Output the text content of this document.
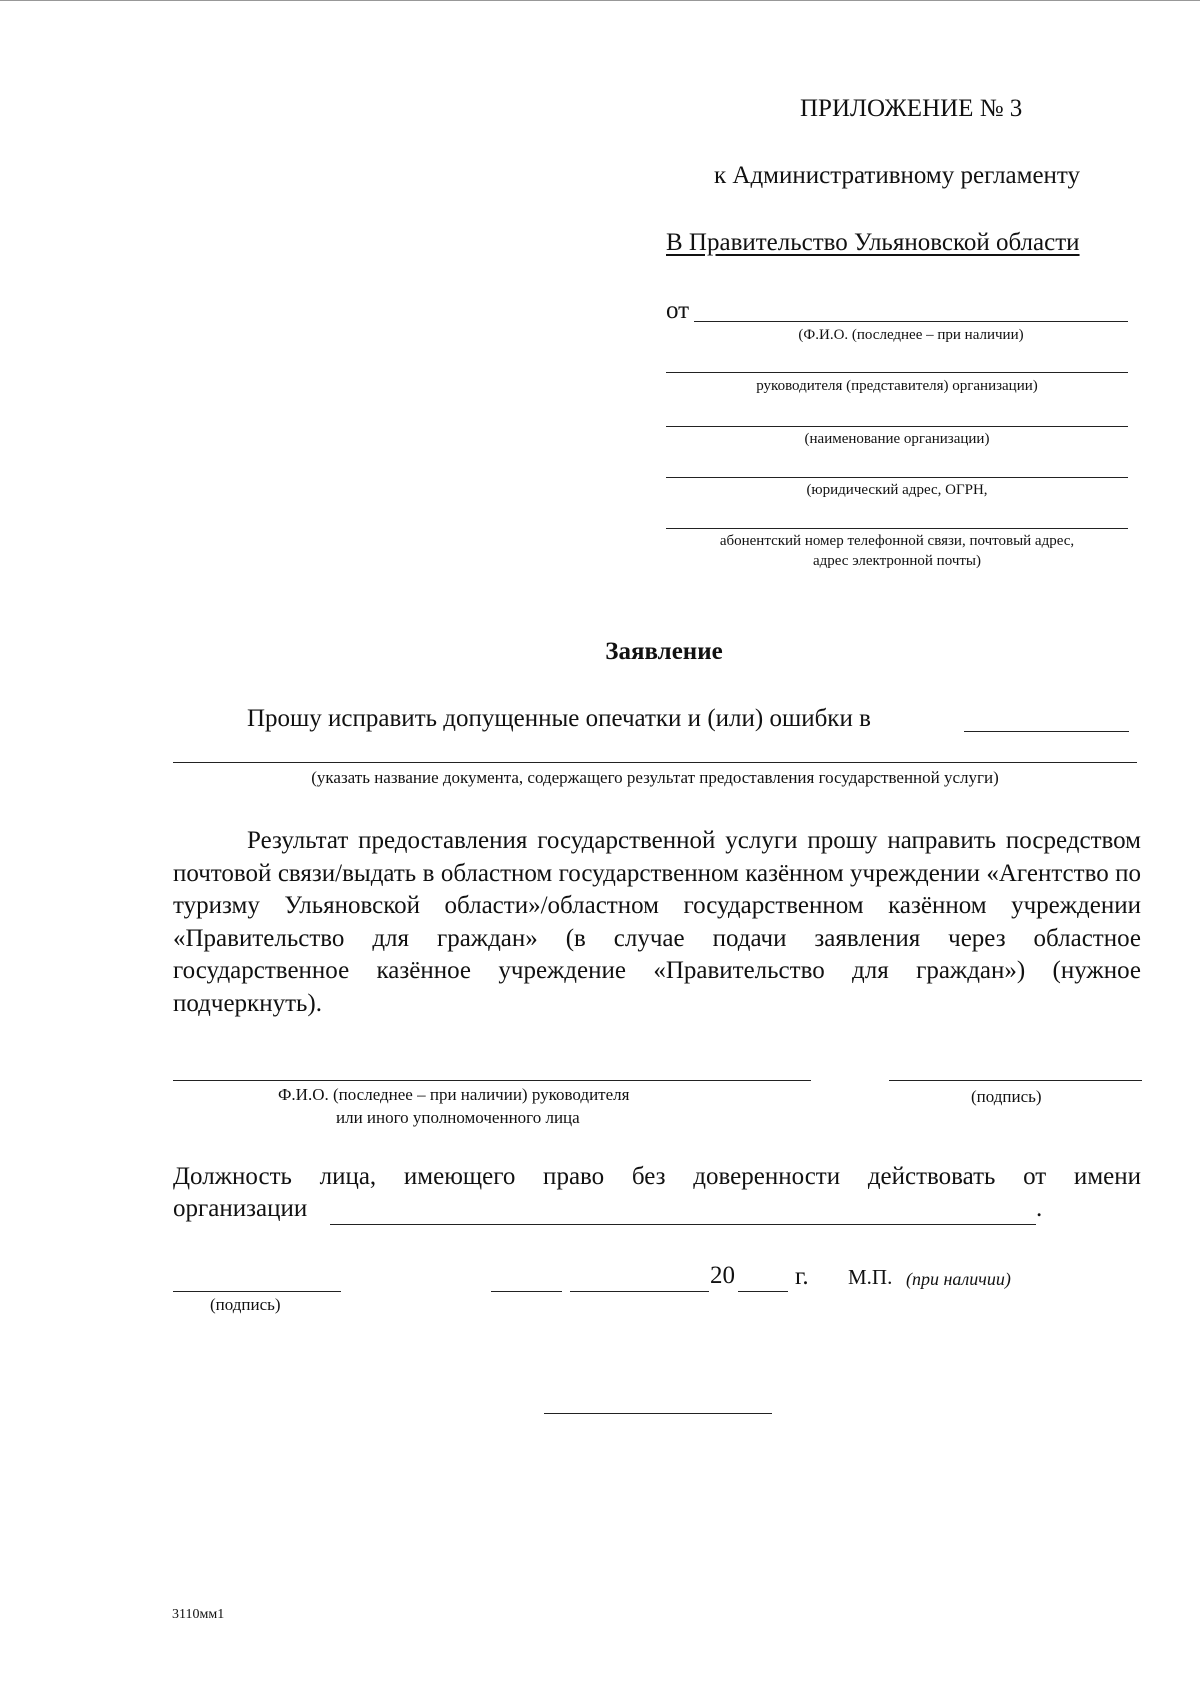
ПРИЛОЖЕНИЕ № 3
к Административному регламенту
В Правительство Ульяновской области
от
(Ф.И.О. (последнее – при наличии)
руководителя (представителя) организации)
(наименование организации)
(юридический адрес, ОГРН,
абонентский номер телефонной связи, почтовый адрес,
адрес электронной почты)
Заявление
Прошу исправить допущенные опечатки и (или) ошибки в
(указать название документа, содержащего результат предоставления государственной услуги)

Результат предоставления государственной услуги прошу направить посредством почтовой связи/выдать в областном государственном казённом учреждении «Агентство по туризму Ульяновской области»/областном государственном казённом учреждении «Правительство для граждан» (в случае подачи заявления через областное государственное казённое учреждение «Правительство для граждан») (нужное подчеркнуть).

Ф.И.О. (последнее – при наличии) руководителя
или иного уполномоченного лица
(подпись)
Должность лица, имеющего право без доверенности действовать от имени
организации	.
(подпись)
20 г. М.П. (при наличии)
3110мм1
